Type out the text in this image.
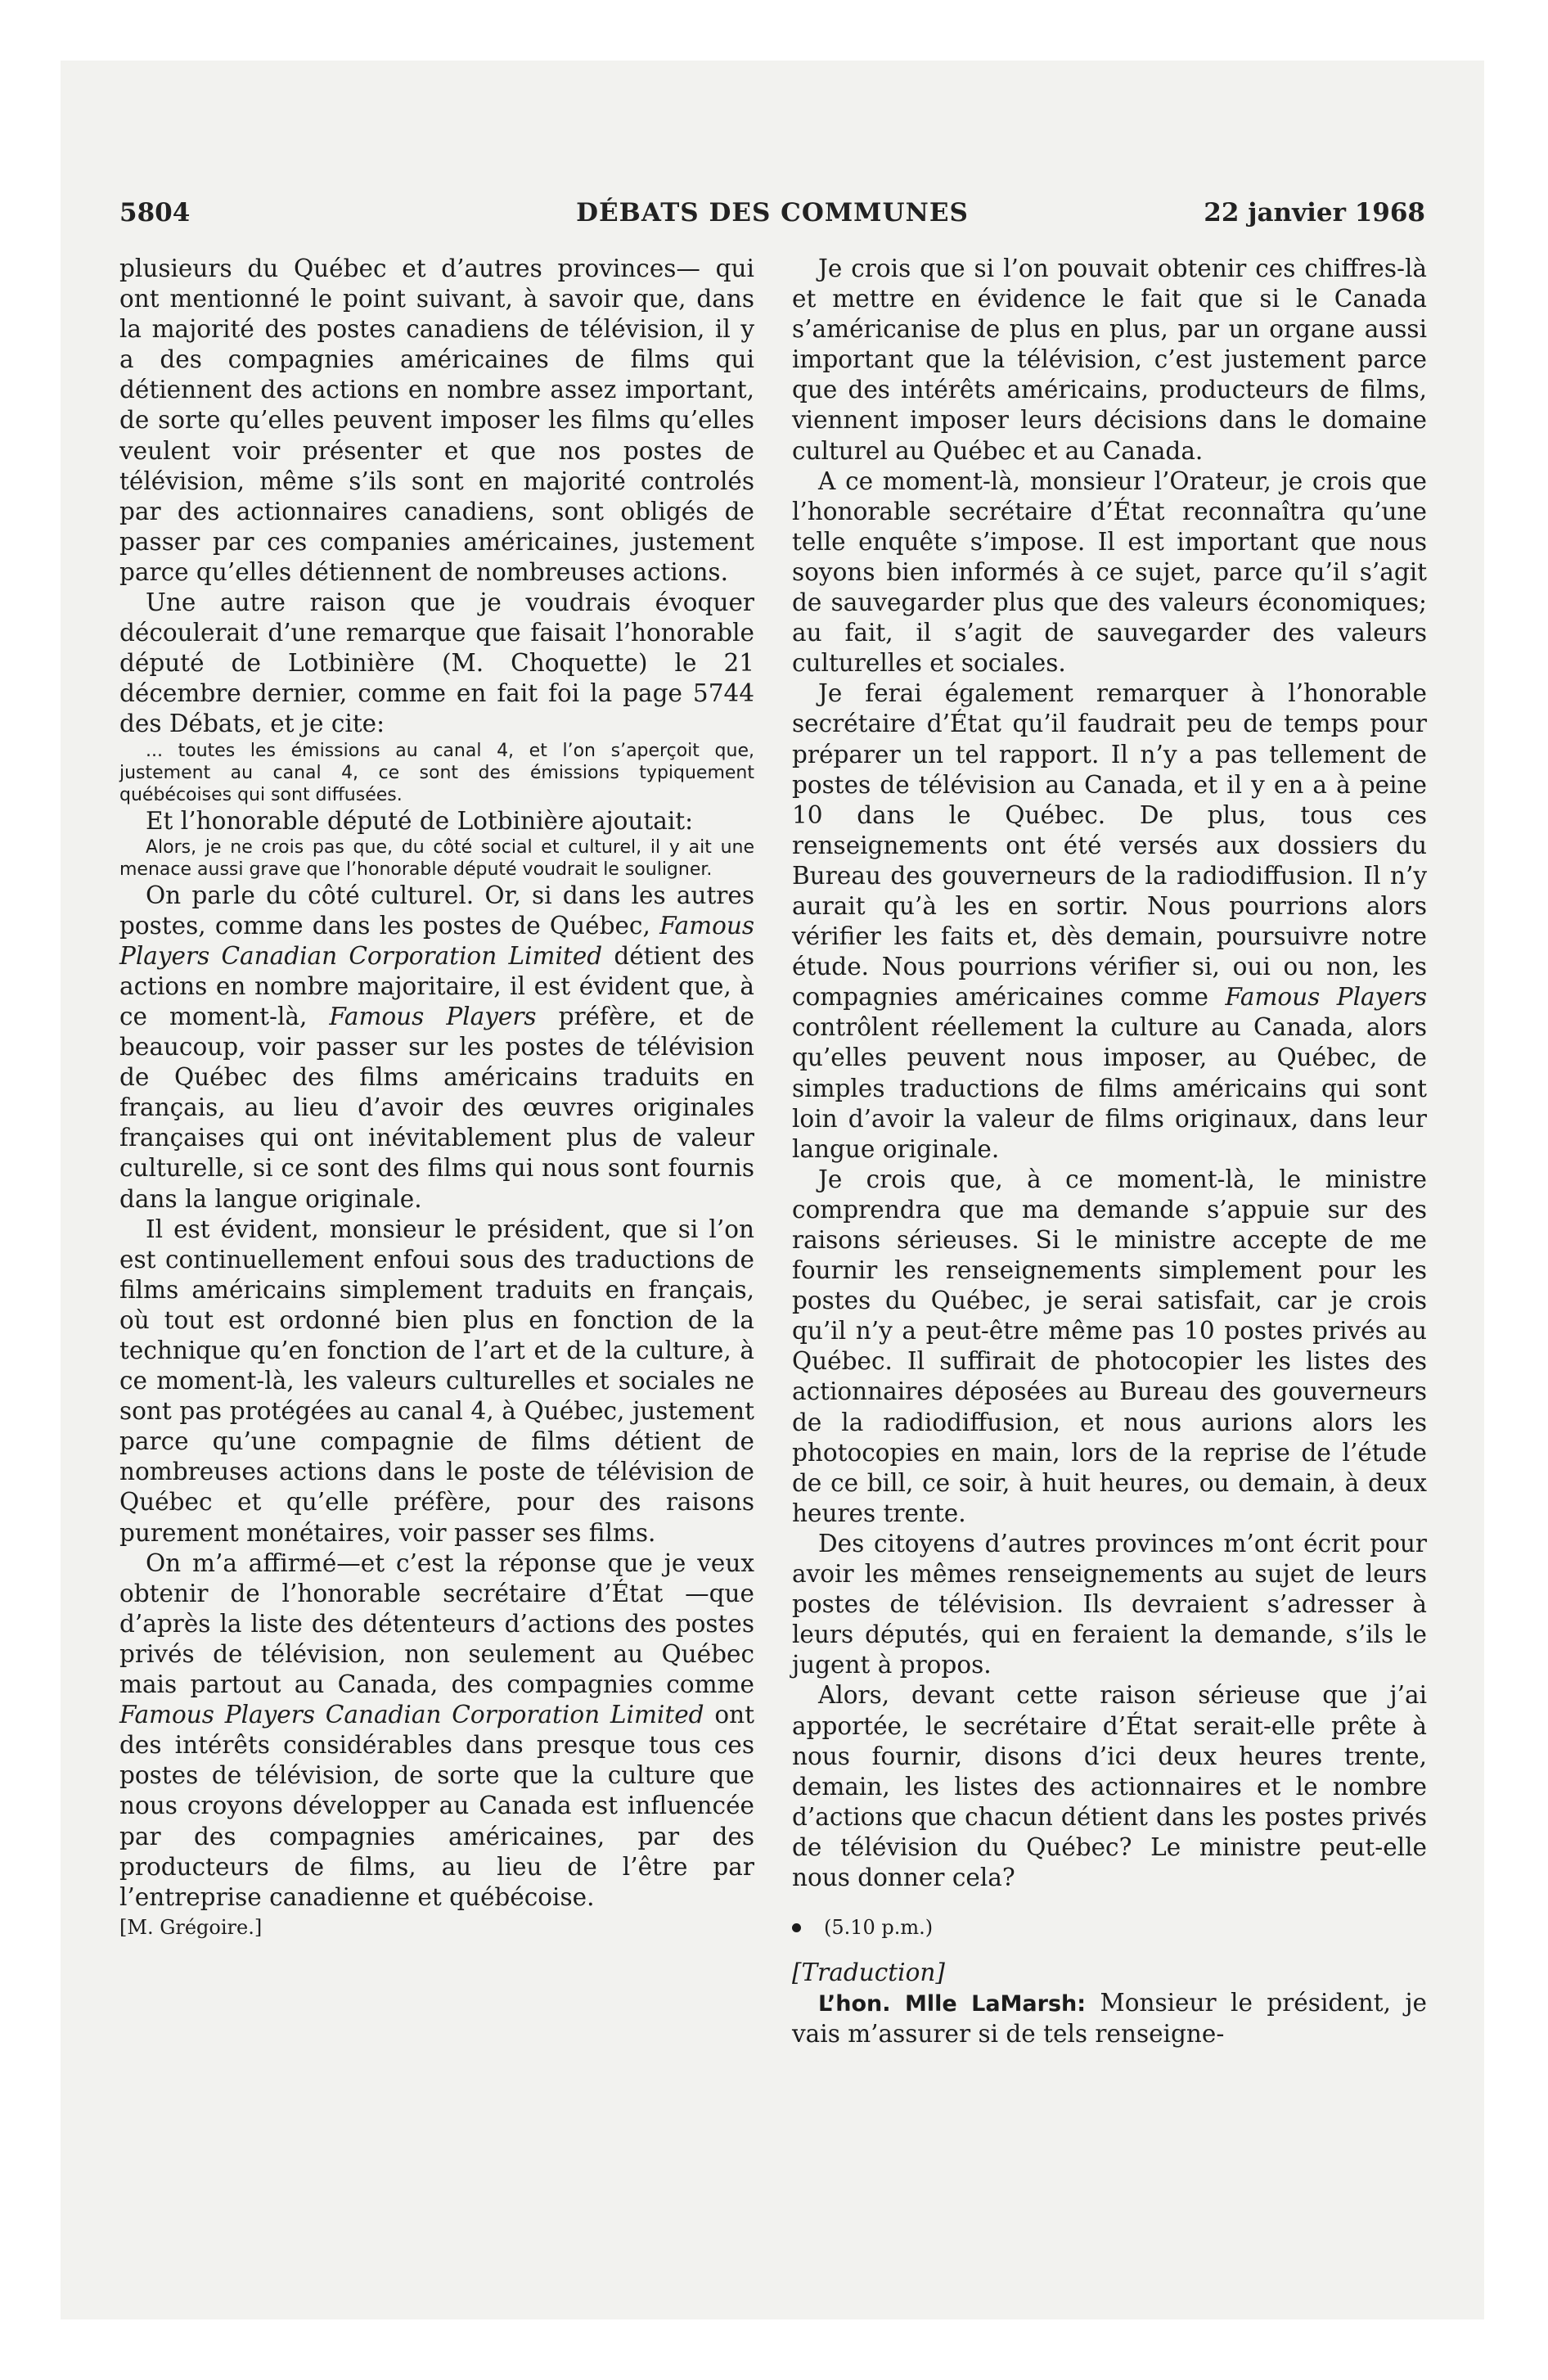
5804	DÉBATS DES COMMUNES	22 janvier 1968

plusieurs du Québec et d’autres provinces— qui ont mentionné le point suivant, à savoir que, dans la majorité des postes canadiens de télévision, il y a des compagnies américaines de films qui détiennent des actions en nombre assez important, de sorte qu’elles peuvent imposer les films qu’elles veulent voir présenter et que nos postes de télévision, même s’ils sont en majorité controlés par des actionnaires canadiens, sont obligés de passer par ces companies américaines, justement parce qu’elles détiennent de nombreuses actions.

Une autre raison que je voudrais évoquer découlerait d’une remarque que faisait l’honorable député de Lotbinière (M. Choquette) le 21 décembre dernier, comme en fait foi la page 5744 des Débats, et je cite:

... toutes les émissions au canal 4, et l’on s’aperçoit que, justement au canal 4, ce sont des émissions typiquement québécoises qui sont diffusées.

Et l’honorable député de Lotbinière ajoutait:

Alors, je ne crois pas que, du côté social et culturel, il y ait une menace aussi grave que l’honorable député voudrait le souligner.

On parle du côté culturel. Or, si dans les autres postes, comme dans les postes de Québec, Famous Players Canadian Corporation Limited détient des actions en nombre majoritaire, il est évident que, à ce moment-là, Famous Players préfère, et de beaucoup, voir passer sur les postes de télévision de Québec des films américains traduits en français, au lieu d’avoir des œuvres originales françaises qui ont inévitablement plus de valeur culturelle, si ce sont des films qui nous sont fournis dans la langue originale.

Il est évident, monsieur le président, que si l’on est continuellement enfoui sous des traductions de films américains simplement traduits en français, où tout est ordonné bien plus en fonction de la technique qu’en fonction de l’art et de la culture, à ce moment-là, les valeurs culturelles et sociales ne sont pas protégées au canal 4, à Québec, justement parce qu’une compagnie de films détient de nombreuses actions dans le poste de télévision de Québec et qu’elle préfère, pour des raisons purement monétaires, voir passer ses films.

On m’a affirmé—et c’est la réponse que je veux obtenir de l’honorable secrétaire d’État —que d’après la liste des détenteurs d’actions des postes privés de télévision, non seulement au Québec mais partout au Canada, des compagnies comme Famous Players Canadian Corporation Limited ont des intérêts considérables dans presque tous ces postes de télévision, de sorte que la culture que nous croyons développer au Canada est influencée par des compagnies américaines, par des producteurs de films, au lieu de l’être par l’entreprise canadienne et québécoise.

[M. Grégoire.]

Je crois que si l’on pouvait obtenir ces chiffres-là et mettre en évidence le fait que si le Canada s’américanise de plus en plus, par un organe aussi important que la télévision, c’est justement parce que des intérêts américains, producteurs de films, viennent imposer leurs décisions dans le domaine culturel au Québec et au Canada.

A ce moment-là, monsieur l’Orateur, je crois que l’honorable secrétaire d’État reconnaîtra qu’une telle enquête s’impose. Il est important que nous soyons bien informés à ce sujet, parce qu’il s’agit de sauvegarder plus que des valeurs économiques; au fait, il s’agit de sauvegarder des valeurs culturelles et sociales.

Je ferai également remarquer à l’honorable secrétaire d’État qu’il faudrait peu de temps pour préparer un tel rapport. Il n’y a pas tellement de postes de télévision au Canada, et il y en a à peine 10 dans le Québec. De plus, tous ces renseignements ont été versés aux dossiers du Bureau des gouverneurs de la radiodiffusion. Il n’y aurait qu’à les en sortir. Nous pourrions alors vérifier les faits et, dès demain, poursuivre notre étude. Nous pourrions vérifier si, oui ou non, les compagnies américaines comme Famous Players contrôlent réellement la culture au Canada, alors qu’elles peuvent nous imposer, au Québec, de simples traductions de films américains qui sont loin d’avoir la valeur de films originaux, dans leur langue originale.

Je crois que, à ce moment-là, le ministre comprendra que ma demande s’appuie sur des raisons sérieuses. Si le ministre accepte de me fournir les renseignements simplement pour les postes du Québec, je serai satisfait, car je crois qu’il n’y a peut-être même pas 10 postes privés au Québec. Il suffirait de photocopier les listes des actionnaires déposées au Bureau des gouverneurs de la radiodiffusion, et nous aurions alors les photocopies en main, lors de la reprise de l’étude de ce bill, ce soir, à huit heures, ou demain, à deux heures trente.

Des citoyens d’autres provinces m’ont écrit pour avoir les mêmes renseignements au sujet de leurs postes de télévision. Ils devraient s’adresser à leurs députés, qui en feraient la demande, s’ils le jugent à propos.

Alors, devant cette raison sérieuse que j’ai apportée, le secrétaire d’État serait-elle prête à nous fournir, disons d’ici deux heures trente, demain, les listes des actionnaires et le nombre d’actions que chacun détient dans les postes privés de télévision du Québec? Le ministre peut-elle nous donner cela?

(5.10 p.m.)

[Traduction]

L’hon. Mlle LaMarsh: Monsieur le président, je vais m’assurer si de tels renseigne-
